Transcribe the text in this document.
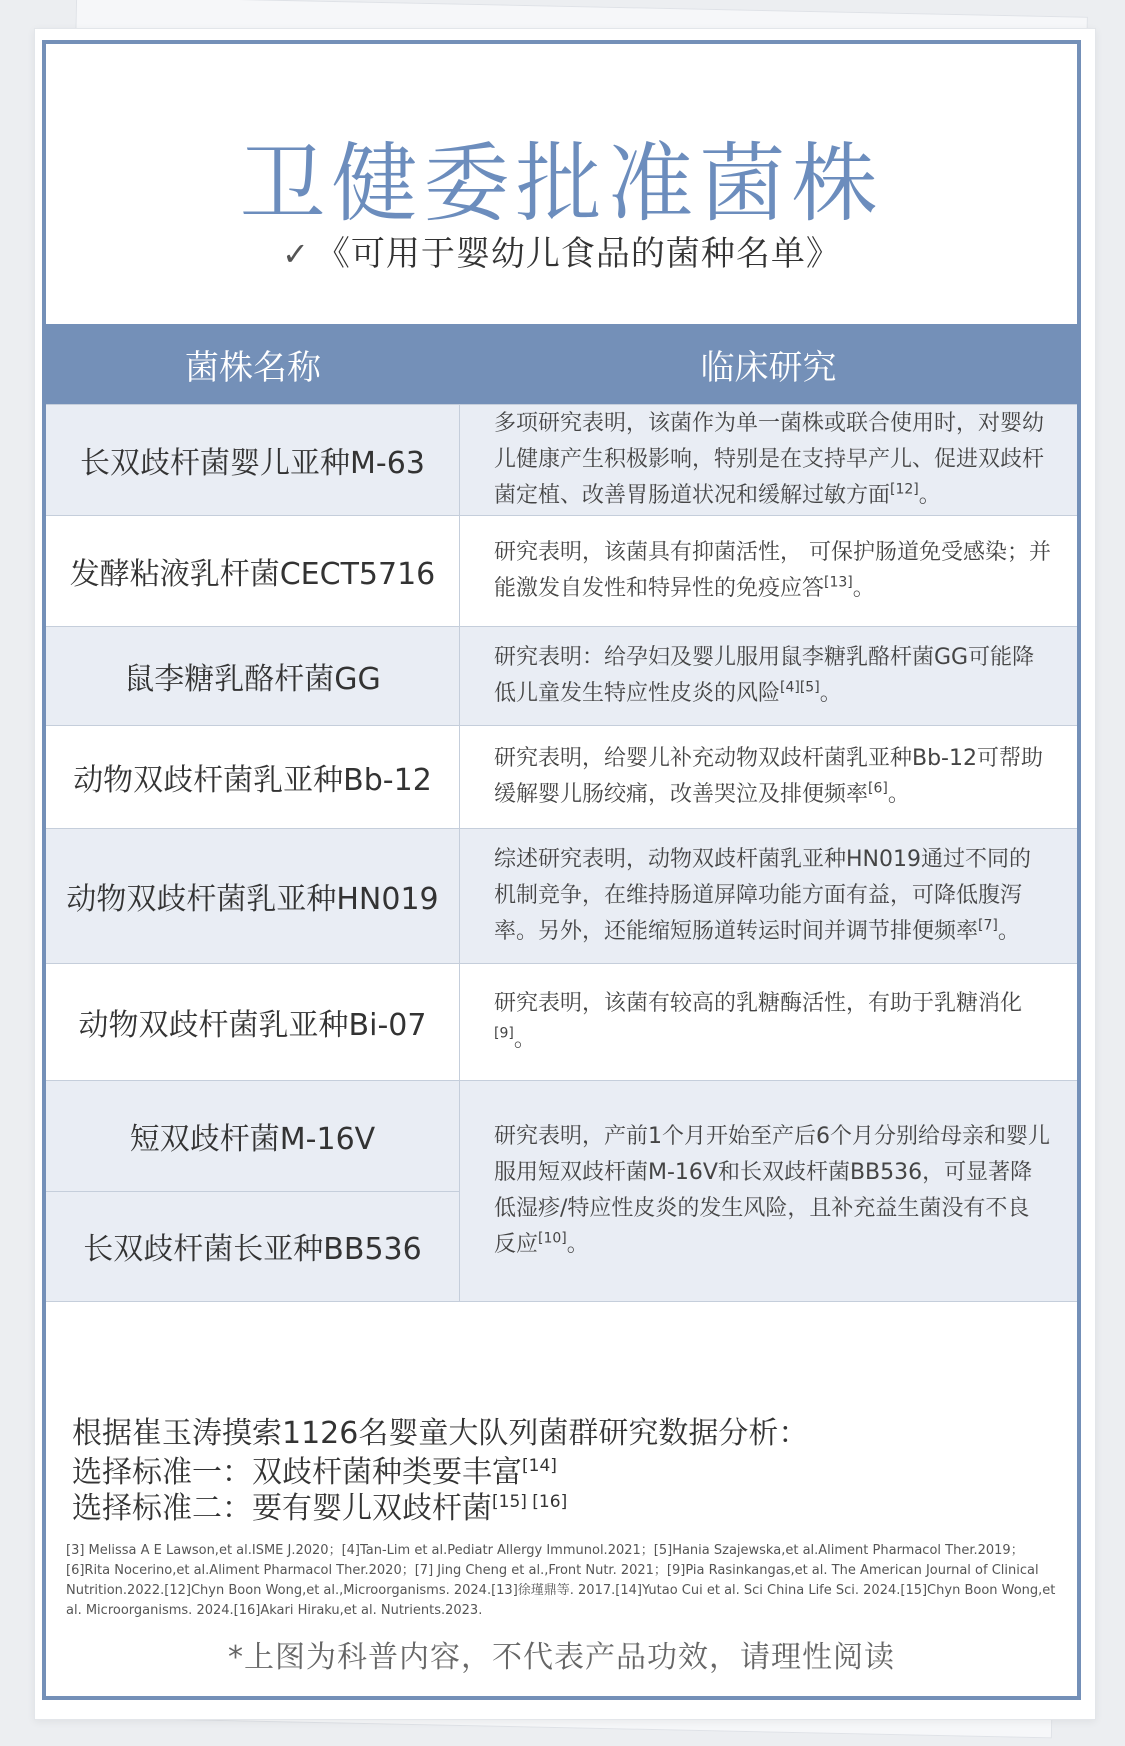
卫健委批准菌株
✓ 《可用于婴幼儿食品的菌种名单》
菌株名称	临床研究
长双歧杆菌婴儿亚种M-63
多项研究表明，该菌作为单一菌株或联合使用时，对婴幼儿健康产生积极影响，特别是在支持早产儿、促进双歧杆菌定植、改善胃肠道状况和缓解过敏方面[12]。
发酵粘液乳杆菌CECT5716
研究表明，该菌具有抑菌活性， 可保护肠道免受感染；并能激发自发性和特异性的免疫应答[13]。
鼠李糖乳酪杆菌GG
研究表明：给孕妇及婴儿服用鼠李糖乳酪杆菌GG可能降低儿童发生特应性皮炎的风险[4][5]。
动物双歧杆菌乳亚种Bb-12
研究表明，给婴儿补充动物双歧杆菌乳亚种Bb-12可帮助缓解婴儿肠绞痛，改善哭泣及排便频率[6]。
动物双歧杆菌乳亚种HN019
综述研究表明，动物双歧杆菌乳亚种HN019通过不同的机制竞争，在维持肠道屏障功能方面有益，可降低腹泻率。另外，还能缩短肠道转运时间并调节排便频率[7]。
动物双歧杆菌乳亚种Bi-07
研究表明，该菌有较高的乳糖酶活性，有助于乳糖消化[9]。
短双歧杆菌M-16V
长双歧杆菌长亚种BB536
研究表明，产前1个月开始至产后6个月分别给母亲和婴儿服用短双歧杆菌M-16V和长双歧杆菌BB536，可显著降低湿疹/特应性皮炎的发生风险，且补充益生菌没有不良反应[10]。
根据崔玉涛摸索1126名婴童大队列菌群研究数据分析：
选择标准一：双歧杆菌种类要丰富[14]
选择标准二：要有婴儿双歧杆菌[15] [16]
[3] Melissa A E Lawson,et al.ISME J.2020；[4]Tan-Lim et al.Pediatr Allergy Immunol.2021；[5]Hania Szajewska,et al.Aliment Pharmacol Ther.2019；[6]Rita Nocerino,et al.Aliment Pharmacol Ther.2020；[7] Jing Cheng et al.,Front Nutr. 2021；[9]Pia Rasinkangas,et al. The American Journal of Clinical Nutrition.2022.[12]Chyn Boon Wong,et al.,Microorganisms. 2024.[13]徐瑾鼎等. 2017.[14]Yutao Cui et al. Sci China Life Sci. 2024.[15]Chyn Boon Wong,et al. Microorganisms. 2024.[16]Akari Hiraku,et al. Nutrients.2023.
*上图为科普内容，不代表产品功效，请理性阅读
